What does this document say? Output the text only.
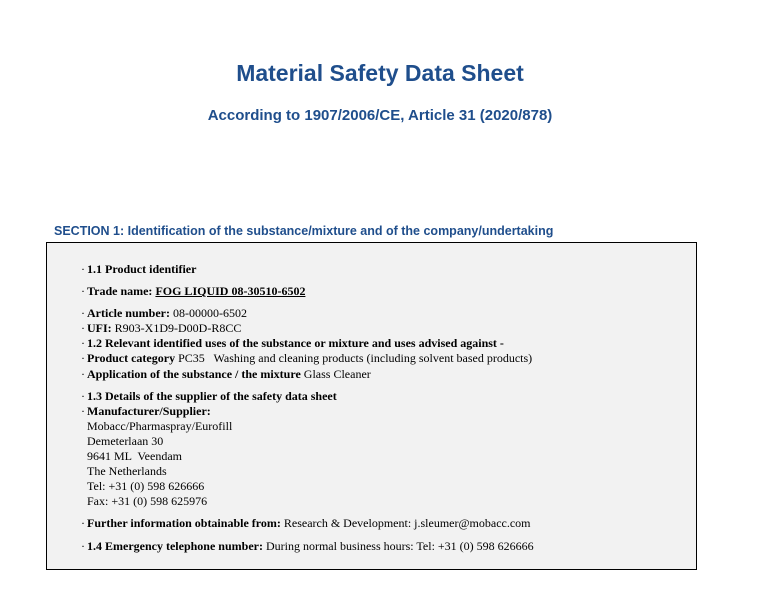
Material Safety Data Sheet
According to 1907/2006/CE, Article 31 (2020/878)
SECTION 1: Identification of the substance/mixture and of the company/undertaking
· 1.1 Product identifier
· Trade name: FOG LIQUID 08-30510-6502
· Article number: 08-00000-6502
· UFI: R903-X1D9-D00D-R8CC
· 1.2 Relevant identified uses of the substance or mixture and uses advised against -
· Product category PC35   Washing and cleaning products (including solvent based products)
· Application of the substance / the mixture Glass Cleaner
· 1.3 Details of the supplier of the safety data sheet
· Manufacturer/Supplier:
Mobacc/Pharmaspray/Eurofill
Demeterlaan 30
9641 ML  Veendam
The Netherlands
Tel: +31 (0) 598 626666
Fax: +31 (0) 598 625976
· Further information obtainable from: Research & Development: j.sleumer@mobacc.com
· 1.4 Emergency telephone number: During normal business hours: Tel: +31 (0) 598 626666
